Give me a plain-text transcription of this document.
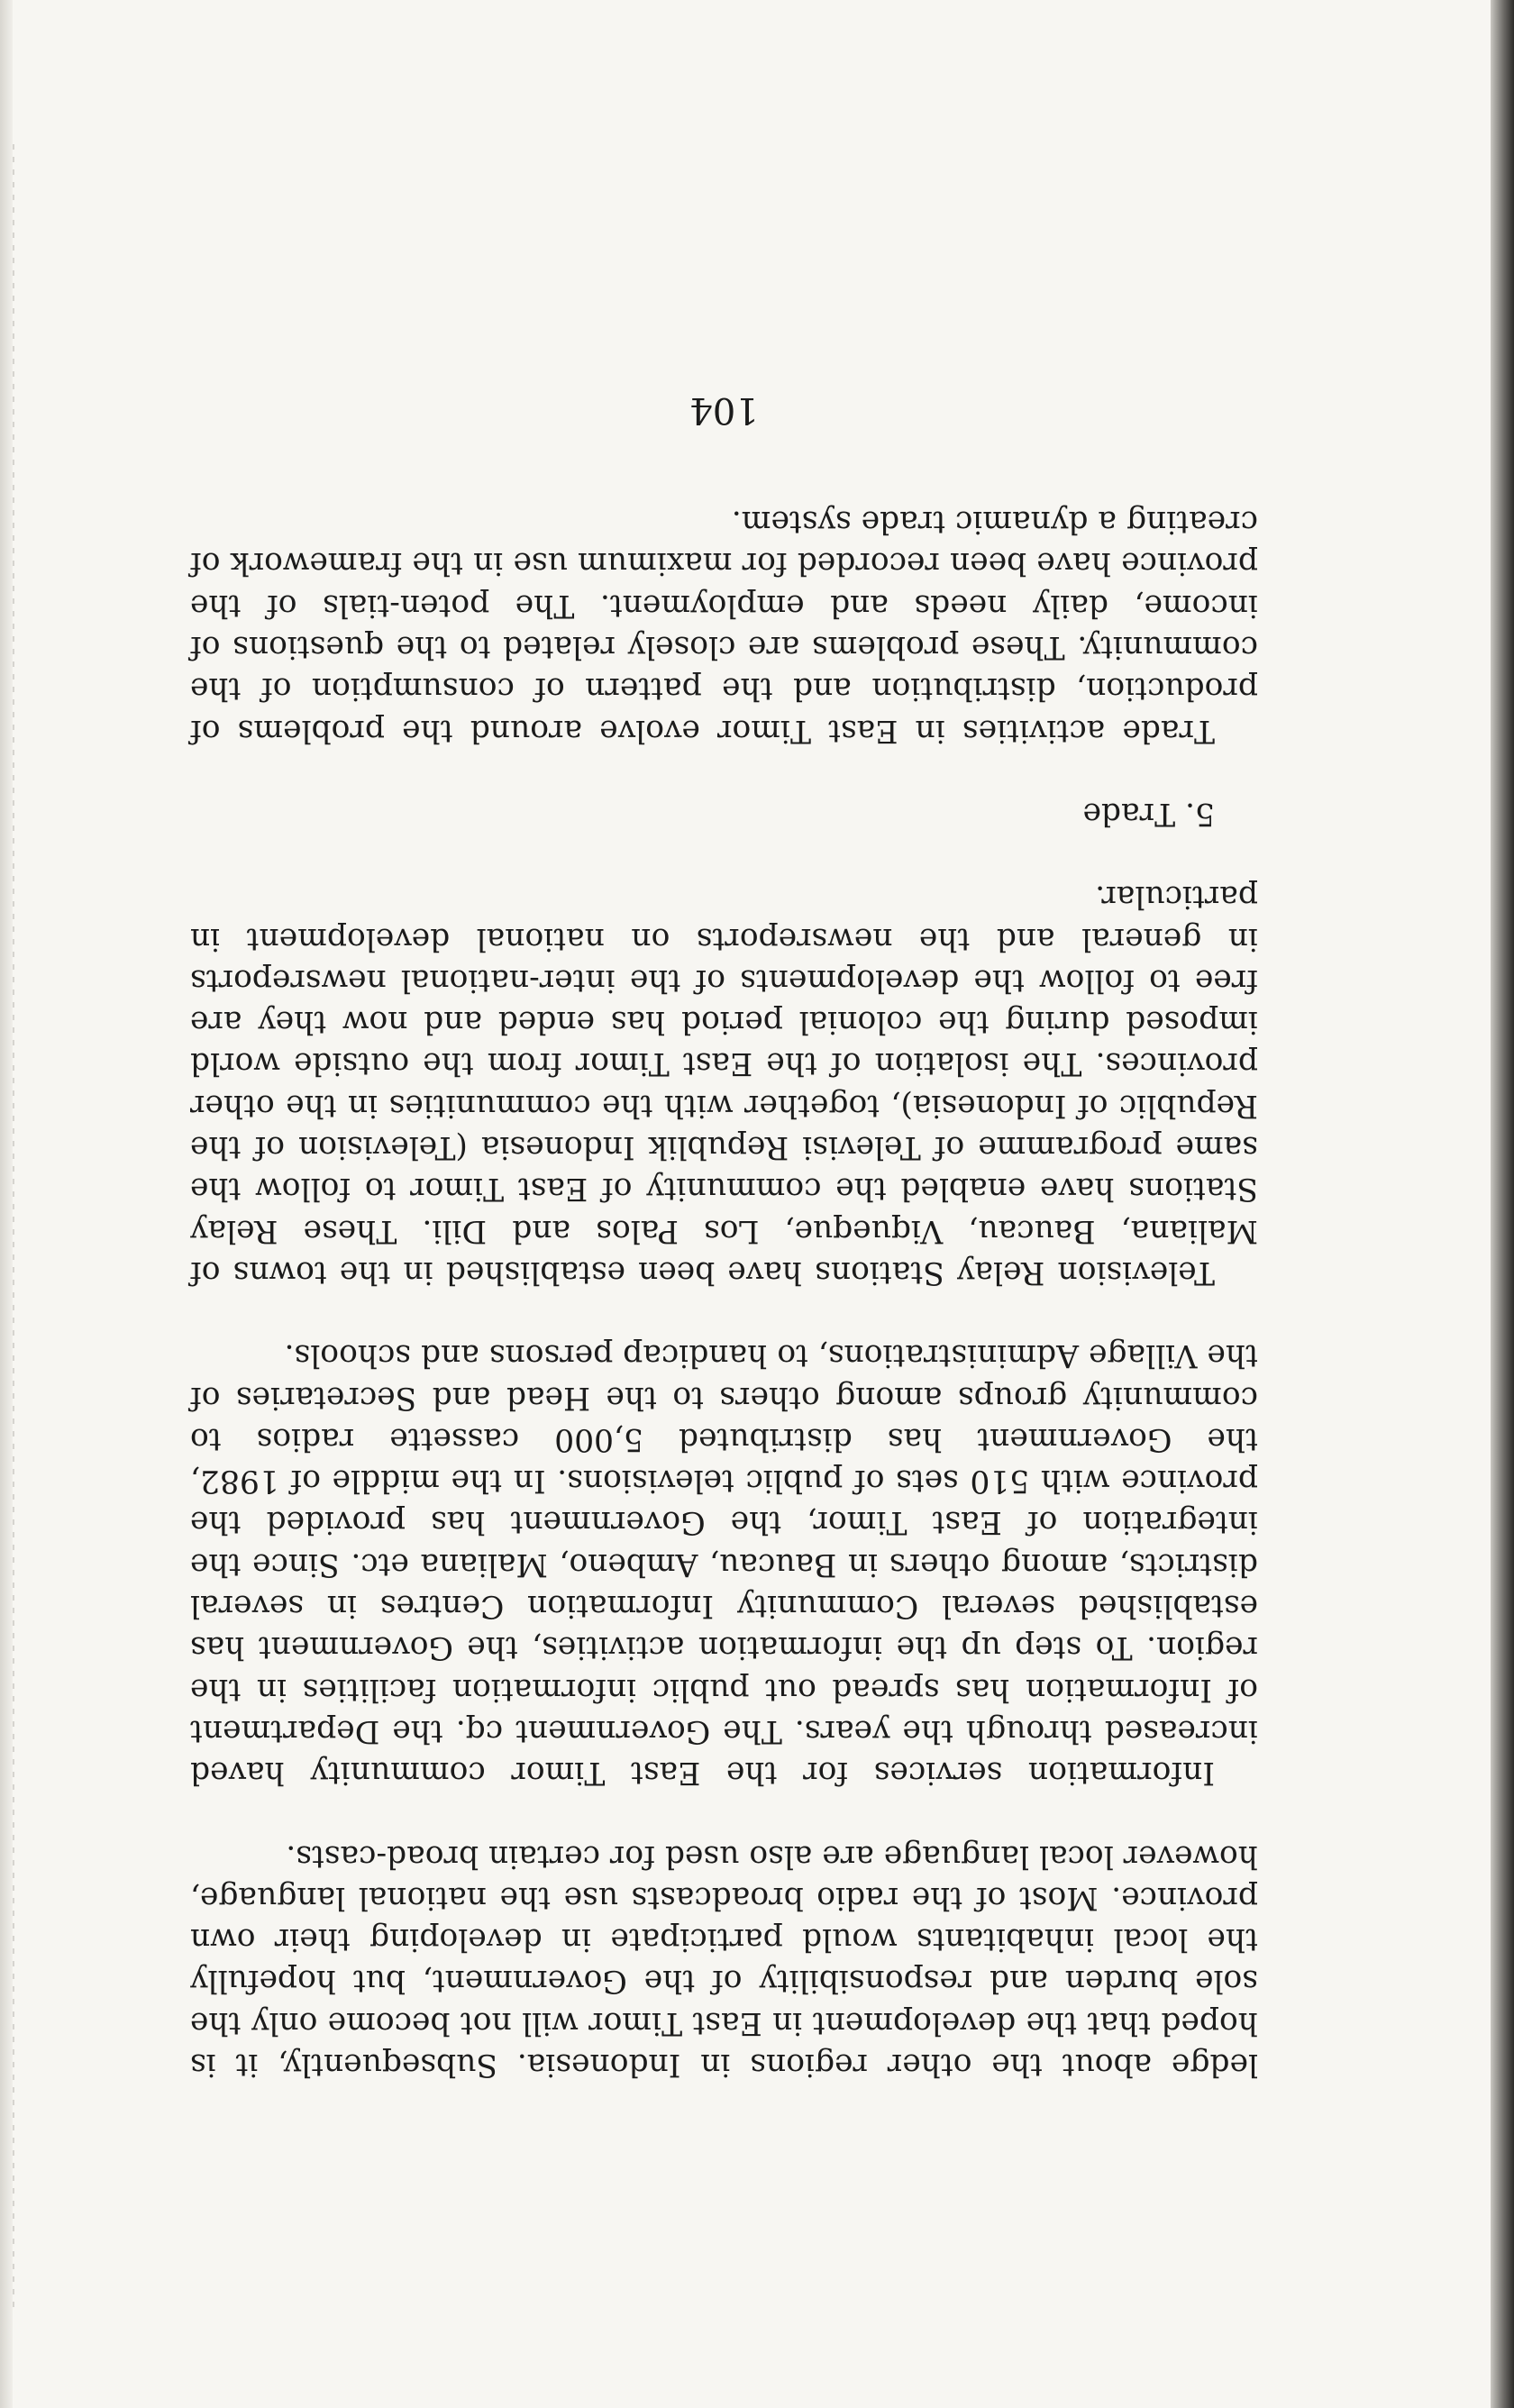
ledge about the other regions in Indonesia. Subsequently, it is hoped that the development in East Timor will not become only the sole burden and responsibility of the Government, but hopefully the local inhabitants would participate in developing their own province. Most of the radio broadcasts use the national language, however local language are also used for certain broad-casts.

Information services for the East Timor community haved increased through the years. The Government cq. the Department of Information has spread out public information facilities in the region. To step up the information activities, the Government has established several Community Information Centres in several districts, among others in Baucau, Ambeno, Maliana etc. Since the integration of East Timor, the Government has provided the province with 510 sets of public televisions. In the middle of 1982, the Government has distributed 5,000 cassette radios to community groups among others to the Head and Secretaries of the Village Administrations, to handicap persons and schools.

Television Relay Stations have been established in the towns of Maliana, Baucau, Viqueque, Los Palos and Dili. These Relay Stations have enabled the community of East Timor to follow the same programme of Televisi Republik Indonesia (Television of the Republic of Indonesia), together with the communities in the other provinces. The isolation of the East Timor from the outside world imposed during the colonial period has ended and now they are free to follow the developments of the inter-national newsreports in general and the newsreports on national development in particular.

5. Trade

Trade activities in East Timor evolve around the problems of production, distribution and the pattern of consumption of the community. These problems are closely related to the questions of income, daily needs and employment. The poten-tials of the province have been recorded for maximum use in the framework of creating a dynamic trade system.

104
